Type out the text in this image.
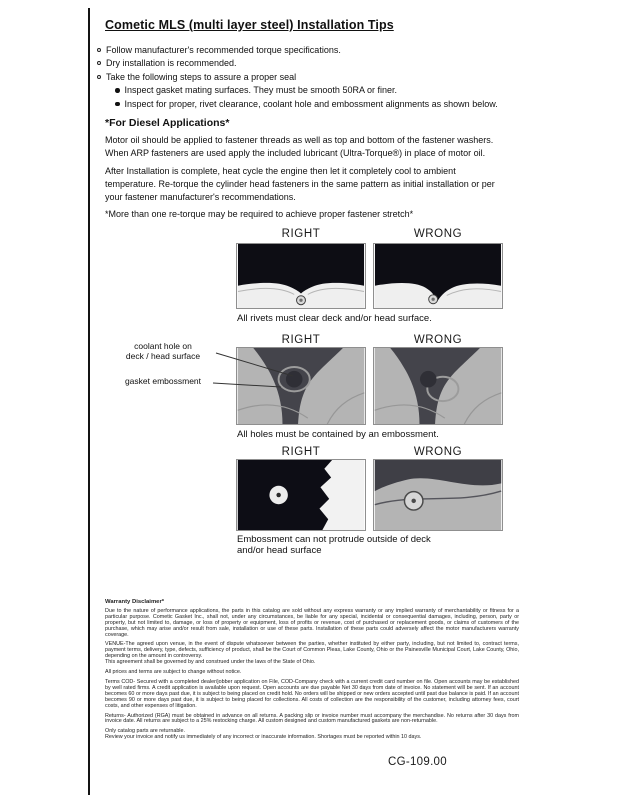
Cometic MLS (multi layer steel) Installation Tips
Follow manufacturer's recommended torque specifications.
Dry installation is recommended.
Take the following steps to assure a proper seal
Inspect gasket mating surfaces. They must be smooth 50RA or finer.
Inspect for proper, rivet clearance, coolant hole and embossment alignments as shown below.
*For Diesel Applications*
Motor oil should be applied to fastener threads as well as top and bottom of the fastener washers. When ARP fasteners are used apply the included lubricant (Ultra-Torque®) in place of motor oil.
After Installation is complete, heat cycle the engine then let it completely cool to ambient temperature. Re-torque the cylinder head fasteners in the same pattern as initial installation or per your fastener manufacturer's recommendations.
*More than one re-torque may be required to achieve proper fastener stretch*
RIGHT	WRONG
All rivets must clear deck and/or head surface.
RIGHT	WRONG
All holes must be contained by an embossment.
RIGHT	WRONG
Embossment can not protrude outside of deck
and/or head surface
coolant hole on
deck / head surface
gasket embossment
Warranty Disclaimer*

Due to the nature of performance applications, the parts in this catalog are sold without any express warranty or any implied warranty of merchantability or fitness for a particular purpose. Cometic Gasket Inc., shall not, under any circumstances, be liable for any special, incidental or consequential damages, including, person, party or property, but not limited to, damage, or loss of property or equipment, loss of profits or revenue, cost of purchased or replacement goods, or claims of customers of the purchase, which may arise and/or result from sale, installation or use of these parts. Installation of these parts could adversely affect the motor manufacturers warranty coverage.

VENUE-The agreed upon venue, in the event of dispute whatsoever between the parties, whether instituted by either party, including, but not limited to, contract terms, payment terms, delivery, type, defects, sufficiency of product, shall be the Court of Common Pleas, Lake County, Ohio or the Painesville Municipal Court, Lake County, Ohio, depending on the amount in controversy.

This agreement shall be governed by and construed under the laws of the State of Ohio.

All prices and terms are subject to change without notice.

Terms COD- Secured with a completed dealer/jobber application on File, COD-Company check with a current credit card number on file. Open accounts may be established by well rated firms. A credit application is available upon request. Open accounts are due payable Net 30 days from date of invoice. No statement will be sent. If an account becomes 60 or more days past due, it is subject to being placed on credit hold. No orders will be shipped or new orders accepted until past due balance is paid. If an account becomes 90 or more days past due, it is subject to being placed for collections. All costs of collection are the responsibility of the customer, including attorney fees, court costs, and other expenses of litigation.

Returns- Authorized (RGA) must be obtained in advance on all returns. A packing slip or invoice number must accompany the merchandise. No returns after 30 days from invoice date. All returns are subject to a 25% restocking charge. All custom designed and custom manufactured gaskets are non-returnable.

Only catalog parts are returnable.

Review your invoice and notify us immediately of any incorrect or inaccurate information. Shortages must be reported within 10 days.

CG-109.00
